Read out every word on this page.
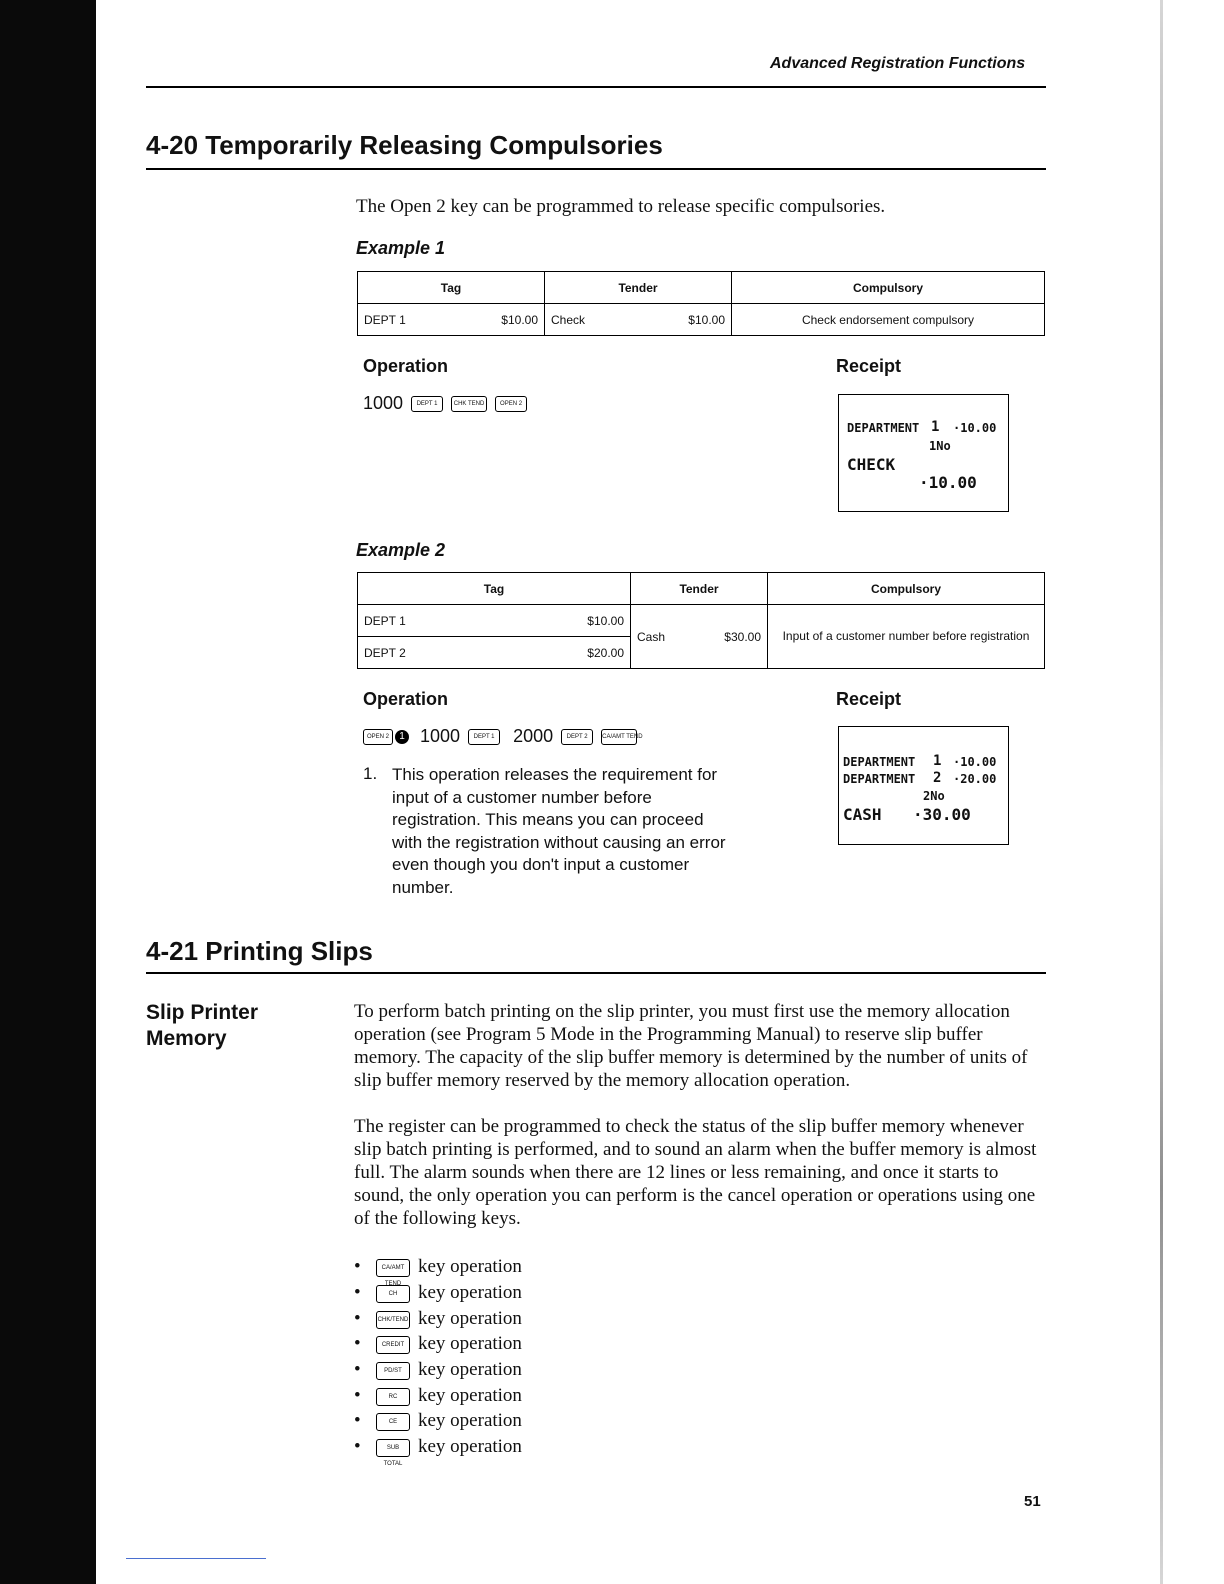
Advanced Registration Functions
4-20 Temporarily Releasing Compulsories
The Open 2 key can be programmed to release specific compulsories.
Example 1
Tag	Tender	Compulsory
DEPT 1 $10.00	Check $10.00	Check endorsement compulsory
Operation	Receipt
1000 DEPT 1	CHK TEND	OPEN 2
DEPARTMENT 1 ·10.00
1No
CHECK
·10.00
Example 2
Tag	Tender	Compulsory
DEPT 1 $10.00	Cash $30.00	Input of a customer number before registration
DEPT 2 $20.00		
Operation	Receipt
OPEN 2 1 1000 DEPT 1 2000 DEPT 2 CA/AMT TEND
1. This operation releases the requirement for input of a customer number before registration. This means you can proceed with the registration without causing an error even though you don't input a customer number.
DEPARTMENT 1 ·10.00
DEPARTMENT 2 ·20.00
2No
CASH ·30.00
4-21 Printing Slips
Slip Printer Memory
To perform batch printing on the slip printer, you must first use the memory allocation operation (see Program 5 Mode in the Programming Manual) to reserve slip buffer memory. The capacity of the slip buffer memory is determined by the number of units of slip buffer memory reserved by the memory allocation operation.
The register can be programmed to check the status of the slip buffer memory whenever slip batch printing is performed, and to sound an alarm when the buffer memory is almost full. The alarm sounds when there are 12 lines or less remaining, and once it starts to sound, the only operation you can perform is the cancel operation or operations using one of the following keys.
•	CA/AMT TENDkey operation
•	CH key operation
•	CHK/TEND key operation
•	CREDIT key operation
•	PD/ST key operation
•	RC key operation
•	CE key operation
•	SUB TOTALkey operation
51
